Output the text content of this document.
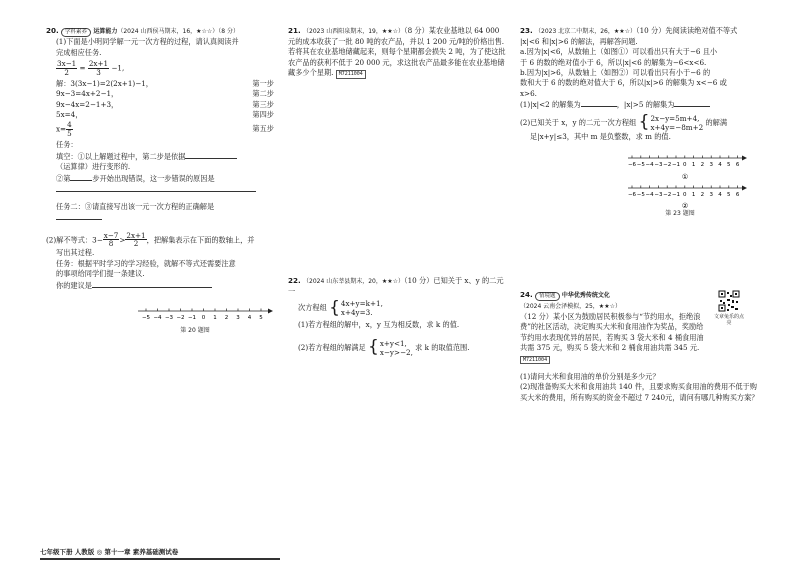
20. 学科素养 运算能力（2024 山西侯马期末，16，★☆☆）（8 分）
(1)下面是小明同学解一元一次方程的过程，请认真阅读并
完成相应任务.
$\frac{3x-1}{2} = \frac{2x+1}{3} -1$,
解：3(3x−1)=2(2x+1)−1，	第一步
9x−3=4x+2−1，	第二步
9x−4x=2−1+3，	第三步
5x=4，	第四步
$x= \frac{4}{5}$	第五步
任务：
填空：①以上解题过程中，第二步是依据
（运算律）进行变形的.
②第	步开始出现错误，这一步错误的原因是
任务二：③请直接写出该一元一次方程的正确解是
(2)解不等式：$3- \frac{x-7}{8} > \frac{2x+1}{2}$ ，把解集表示在下面的数轴上，并
写出其过程.
任务：根据平时学习的学习经验，就解不等式还需要注意
的事项给同学们提一条建议.
你的建议是
−5 −4 −3 −2 −1 0 1 2 3 4 5
第 20 题图
21. （2023 山西阳泉期末，19，★★☆）（8 分）某农业基地以 64 000 元的成本收获了一批 80 吨的农产品，并以 1 200 元/吨的价格出售.若将其在农业基地储藏起来，则每个星期都会损失 2 吨，为了使这批农产品的获利不低于 20 000 元，求这批农产品最多能在农业基地储藏多少个星期. M7211004
22. （2024 山东莘县期末，20，★★☆）（10 分）已知关于 x、y 的二元一
次方程组 { 4x+y=k+1,
x+4y=3.
(1)若方程组的解中，x，y 互为相反数，求 k 的值.
(2)若方程组的解满足 { x+y<1,
x−y>−2,
求 k 的取值范围.
23. （2023 北京二中期末，26，★★☆）（10 分）先阅读读绝对值不等式
|x|<6 和|x|>6 的解法，再解答问题.
a.因为|x|<6，从数轴上（如图①）可以看出只有大于−6 且小
于 6 的数的绝对值小于 6，所以|x|<6 的解集为−6<x<6.
b.因为|x|>6，从数轴上（如图②）可以看出只有小于−6 的
数和大于 6 的数的绝对值大于 6，所以|x|>6 的解集为 x<−6 或
x>6.
(1)|x|<2 的解集为	，|x|>5 的解集为
(2)已知关于 x，y 的二元一次方程组 { 2x−y=5m+4,
x+4y=−8m+2
的解满
足|x+y|≤3，其中 m 是负整数，求 m 的值.
−6 −5 −4 −3 −2 −1 0 1 2 3 4 5 6
①
−6 −5 −4 −3 −2 −1 0 1 2 3 4 5 6
②
第 23 题图
24. 情境题 中华优秀传统文化（2024 云南会泽模拟，25，★★☆）
（12 分）某小区为鼓励居民积极参与“节约用水，拒绝浪费”的社区活动，决定购买大米和食用油作为奖品，奖励给节约用水表现优异的居民，若购买 3 袋大米和 4 桶食用油共需 375 元，购买 5 袋大米和 2 桶食用油共需 345 元.
M7211004
(1)请问大米和食用油的单价分别是多少元？
(2)现准备购买大米和食用油共 140 件，且要求购买食用油的费用不低于购买大米的费用，所有购买的资金不超过 7 240元，请问有哪几种购买方案？
文章兔乐的点亮
七年级下册 人教版 ◎ 第十一章 素养基础测试卷
